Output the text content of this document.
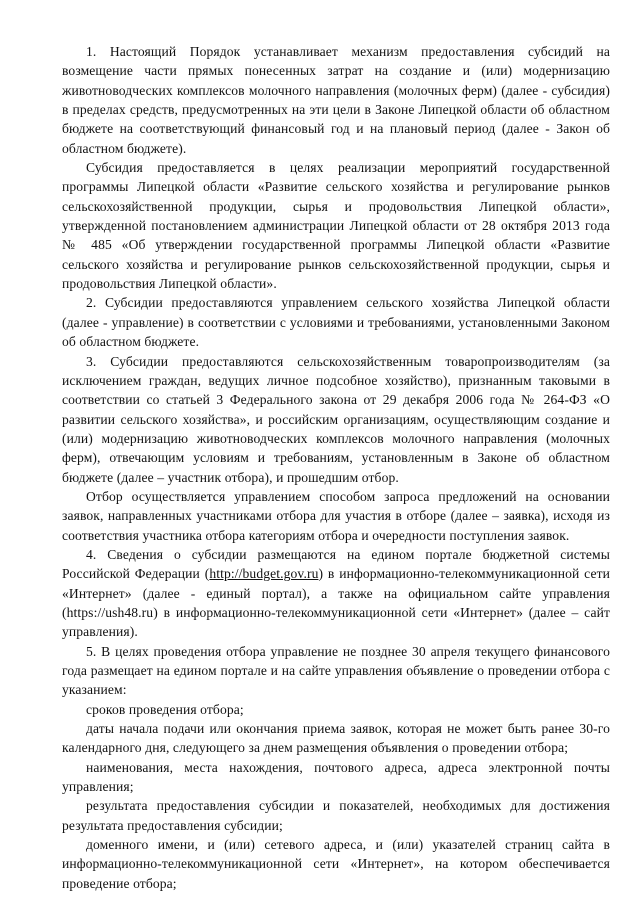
1. Настоящий Порядок устанавливает механизм предоставления субсидий на возмещение части прямых понесенных затрат на создание и (или) модернизацию животноводческих комплексов молочного направления (молочных ферм) (далее - субсидия) в пределах средств, предусмотренных на эти цели в Законе Липецкой области об областном бюджете на соответствующий финансовый год и на плановый период (далее - Закон об областном бюджете).

Субсидия предоставляется в целях реализации мероприятий государственной программы Липецкой области «Развитие сельского хозяйства и регулирование рынков сельскохозяйственной продукции, сырья и продовольствия Липецкой области», утвержденной постановлением администрации Липецкой области от 28 октября 2013 года № 485 «Об утверждении государственной программы Липецкой области «Развитие сельского хозяйства и регулирование рынков сельскохозяйственной продукции, сырья и продовольствия Липецкой области».

2. Субсидии предоставляются управлением сельского хозяйства Липецкой области (далее - управление) в соответствии с условиями и требованиями, установленными Законом об областном бюджете.

3. Субсидии предоставляются сельскохозяйственным товаропроизводителям (за исключением граждан, ведущих личное подсобное хозяйство), признанным таковыми в соответствии со статьей 3 Федерального закона от 29 декабря 2006 года № 264-ФЗ «О развитии сельского хозяйства», и российским организациям, осуществляющим создание и (или) модернизацию животноводческих комплексов молочного направления (молочных ферм), отвечающим условиям и требованиям, установленным в Законе об областном бюджете (далее – участник отбора), и прошедшим отбор.

Отбор осуществляется управлением способом запроса предложений на основании заявок, направленных участниками отбора для участия в отборе (далее – заявка), исходя из соответствия участника отбора категориям отбора и очередности поступления заявок.

4. Сведения о субсидии размещаются на едином портале бюджетной системы Российской Федерации (http://budget.gov.ru) в информационно-телекоммуникационной сети «Интернет» (далее - единый портал), а также на официальном сайте управления (https://ush48.ru) в информационно-телекоммуникационной сети «Интернет» (далее – сайт управления).

5. В целях проведения отбора управление не позднее 30 апреля текущего финансового года размещает на едином портале и на сайте управления объявление о проведении отбора с указанием:

сроков проведения отбора;

даты начала подачи или окончания приема заявок, которая не может быть ранее 30-го календарного дня, следующего за днем размещения объявления о проведении отбора;

наименования, места нахождения, почтового адреса, адреса электронной почты управления;

результата предоставления субсидии и показателей, необходимых для достижения результата предоставления субсидии;

доменного имени, и (или) сетевого адреса, и (или) указателей страниц сайта в информационно-телекоммуникационной сети «Интернет», на котором обеспечивается проведение отбора;
